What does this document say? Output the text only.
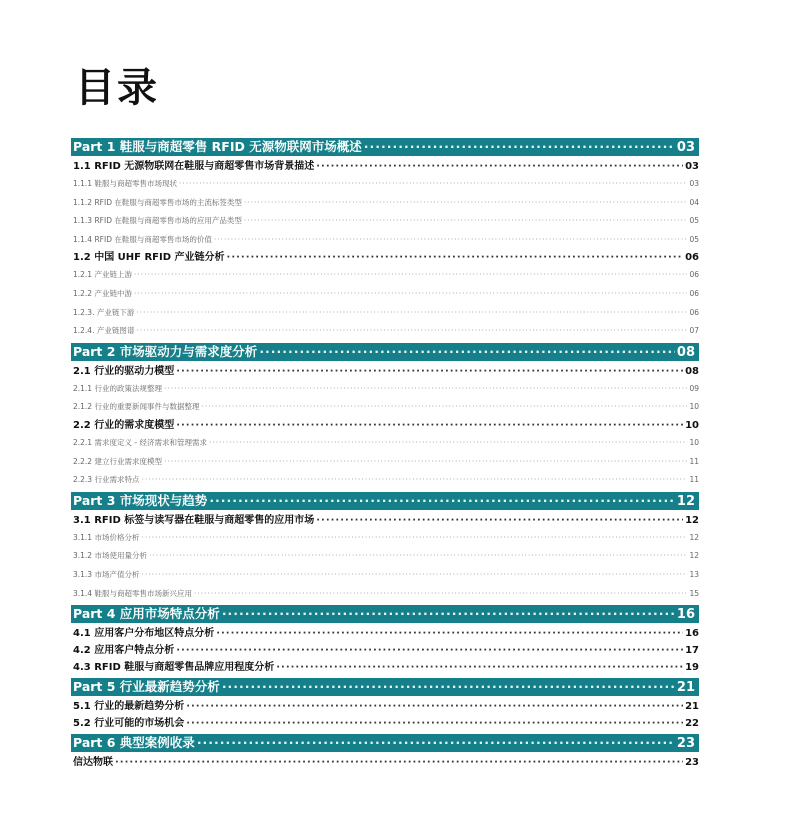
目录
Part 1 鞋服与商超零售 RFID 无源物联网市场概述 ·····	03
1.1 RFID 无源物联网在鞋服与商超零售市场背景描述 ·····	03
1.1.1 鞋服与商超零售市场现状 ·····	03
1.1.2 RFID 在鞋服与商超零售市场的主流标签类型 ·····	04
1.1.3 RFID 在鞋服与商超零售市场的应用产品类型 ·····	05
1.1.4 RFID 在鞋服与商超零售市场的价值 ·····	05
1.2 中国 UHF RFID 产业链分析 ·····	06
1.2.1 产业链上游 ·····	06
1.2.2 产业链中游 ·····	06
1.2.3. 产业链下游 ·····	06
1.2.4. 产业链图谱 ·····	07
Part 2 市场驱动力与需求度分析 ·····	08
2.1 行业的驱动力模型 ·····	08
2.1.1 行业的政策法规整理 ·····	09
2.1.2 行业的重要新闻事件与数据整理 ·····	10
2.2 行业的需求度模型 ·····	10
2.2.1 需求度定义 - 经济需求和管理需求 ·····	10
2.2.2 建立行业需求度模型 ·····	11
2.2.3 行业需求特点 ·····	11
Part 3 市场现状与趋势 ·····	12
3.1 RFID 标签与读写器在鞋服与商超零售的应用市场 ·····	12
3.1.1 市场价格分析 ·····	12
3.1.2 市场使用量分析 ·····	12
3.1.3 市场产值分析 ·····	13
3.1.4 鞋服与商超零售市场新兴应用 ·····	15
Part 4 应用市场特点分析 ·····	16
4.1 应用客户分布地区特点分析 ·····	16
4.2 应用客户特点分析 ·····	17
4.3 RFID 鞋服与商超零售品牌应用程度分析 ·····	19
Part 5 行业最新趋势分析 ·····	21
5.1 行业的最新趋势分析 ·····	21
5.2 行业可能的市场机会 ·····	22
Part 6 典型案例收录 ·····	23
信达物联 ·····	23
